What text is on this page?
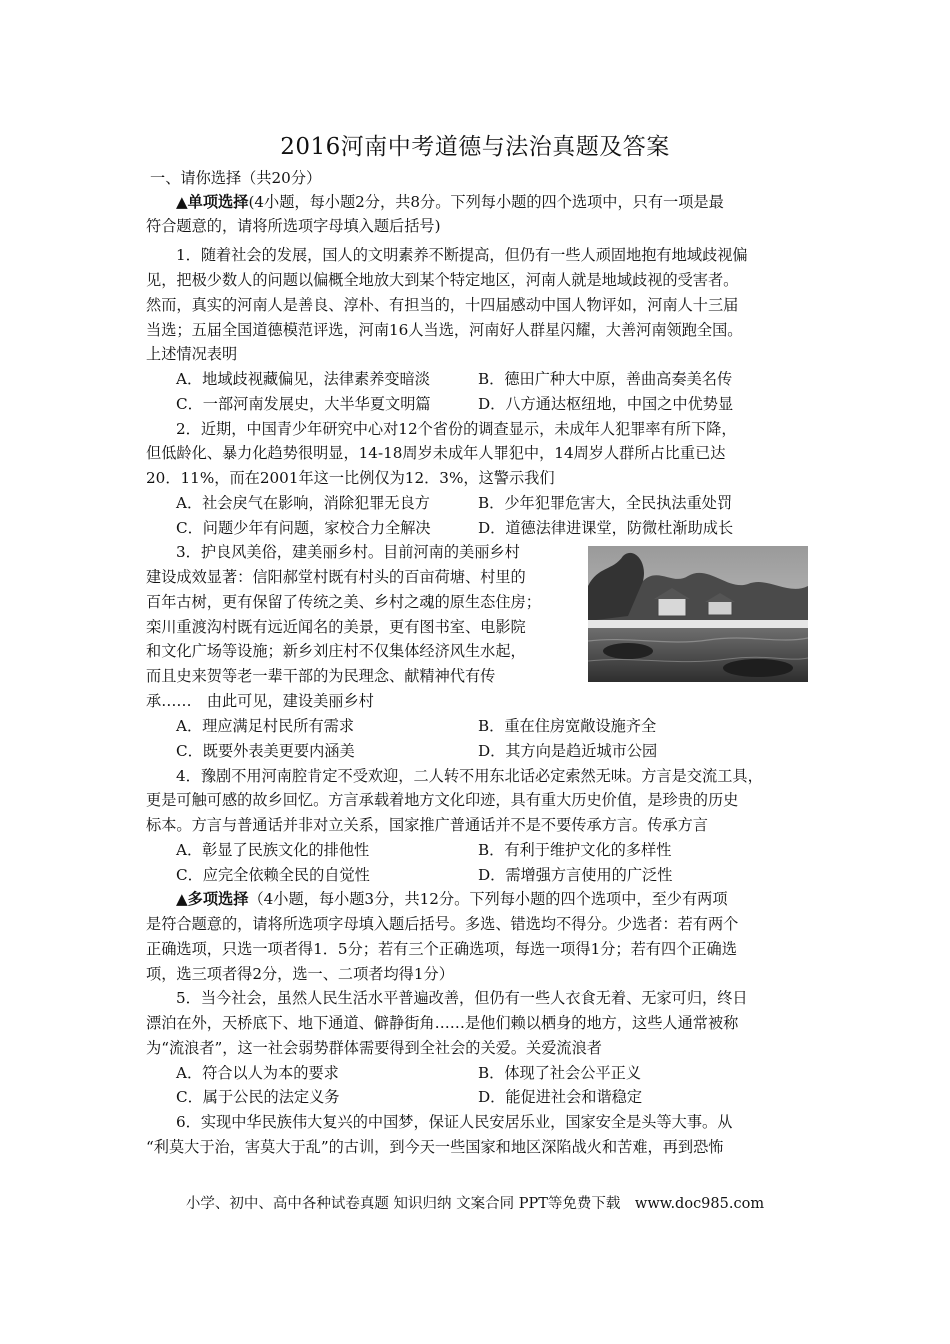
2016河南中考道德与法治真题及答案
一、请你选择（共20分）
▲单项选择(4小题，每小题2分，共8分。下列每小题的四个选项中，只有一项是最
符合题意的，请将所选项字母填入题后括号)
1．随着社会的发展，国人的文明素养不断提高，但仍有一些人顽固地抱有地域歧视偏
见，把极少数人的问题以偏概全地放大到某个特定地区，河南人就是地域歧视的受害者。
然而，真实的河南人是善良、淳朴、有担当的，十四届感动中国人物评如，河南人十三届
当选；五届全国道德模范评选，河南16人当选，河南好人群星闪耀，大善河南领跑全国。
上述情况表明
A．地域歧视藏偏见，法律素养变暗淡	B．德田广种大中原，善曲高奏美名传
C．一部河南发展史，大半华夏文明篇	D．八方通达枢纽地，中国之中优势显
2．近期，中国青少年研究中心对12个省份的调查显示，未成年人犯罪率有所下降，
但低龄化、暴力化趋势很明显，14-18周岁未成年人罪犯中，14周岁人群所占比重已达
20．11%，而在2001年这一比例仅为12．3%，这警示我们
A．社会戾气在影响，消除犯罪无良方	B．少年犯罪危害大，全民执法重处罚
C．问题少年有问题，家校合力全解决	D．道德法律进课堂，防微杜渐助成长
3．护良风美俗，建美丽乡村。目前河南的美丽乡村
建设成效显著：信阳郝堂村既有村头的百亩荷塘、村里的
百年古树，更有保留了传统之美、乡村之魂的原生态住房；
栾川重渡沟村既有远近闻名的美景，更有图书室、电影院
和文化广场等设施；新乡刘庄村不仅集体经济风生水起，
而且史来贺等老一辈干部的为民理念、献精神代有传
承……　由此可见，建设美丽乡村
A．理应满足村民所有需求	B．重在住房宽敞设施齐全
C．既要外表美更要内涵美	D．其方向是趋近城市公园
4．豫剧不用河南腔肯定不受欢迎，二人转不用东北话必定索然无味。方言是交流工具，
更是可触可感的故乡回忆。方言承载着地方文化印迹，具有重大历史价值，是珍贵的历史
标本。方言与普通话并非对立关系，国家推广普通话并不是不要传承方言。传承方言
A．彰显了民族文化的排他性	B．有利于维护文化的多样性
C．应完全依赖全民的自觉性	D．需增强方言使用的广泛性
▲多项选择（4小题，每小题3分，共12分。下列每小题的四个选项中，至少有两项
是符合题意的，请将所选项字母填入题后括号。多选、错选均不得分。少选者：若有两个
正确选项，只选一项者得1．5分；若有三个正确选项，每选一项得1分；若有四个正确选
项，选三项者得2分，选一、二项者均得1分）
5．当今社会，虽然人民生活水平普遍改善，但仍有一些人衣食无着、无家可归，终日
漂泊在外，天桥底下、地下通道、僻静街角……是他们赖以栖身的地方，这些人通常被称
为“流浪者”，这一社会弱势群体需要得到全社会的关爱。关爱流浪者
A．符合以人为本的要求	B．体现了社会公平正义
C．属于公民的法定义务	D．能促进社会和谐稳定
6．实现中华民族伟大复兴的中国梦，保证人民安居乐业，国家安全是头等大事。从
“利莫大于治，害莫大于乱”的古训，到今天一些国家和地区深陷战火和苦难，再到恐怖
小学、初中、高中各种试卷真题 知识归纳 文案合同 PPT等免费下载　www.doc985.com
